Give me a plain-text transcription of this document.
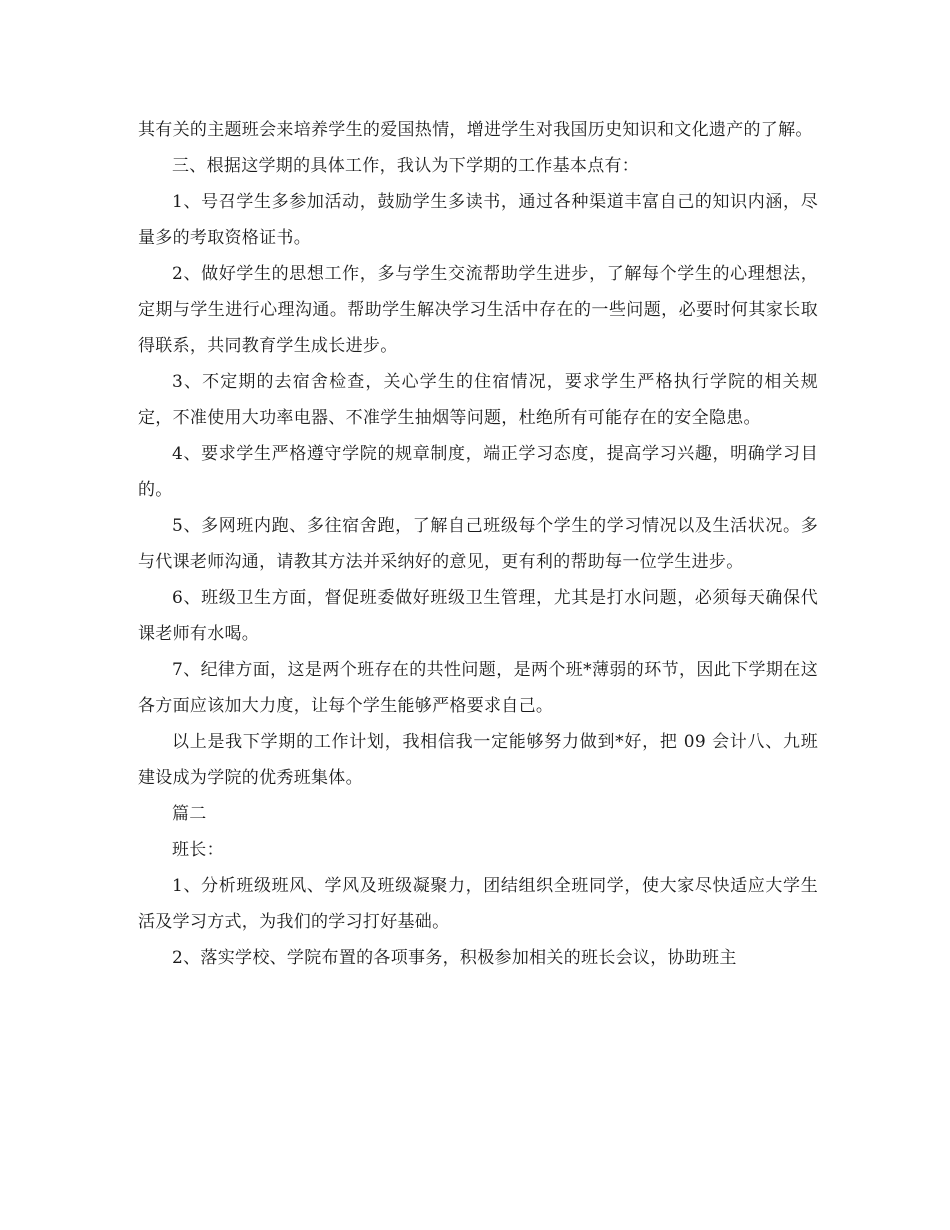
其有关的主题班会来培养学生的爱国热情，增进学生对我国历史知识和文化遗产的了解。

三、根据这学期的具体工作，我认为下学期的工作基本点有：

1、号召学生多参加活动，鼓励学生多读书，通过各种渠道丰富自己的知识内涵，尽量多的考取资格证书。

2、做好学生的思想工作，多与学生交流帮助学生进步，了解每个学生的心理想法，定期与学生进行心理沟通。帮助学生解决学习生活中存在的一些问题，必要时何其家长取得联系，共同教育学生成长进步。

3、不定期的去宿舍检查，关心学生的住宿情况，要求学生严格执行学院的相关规定，不准使用大功率电器、不准学生抽烟等问题，杜绝所有可能存在的安全隐患。

4、要求学生严格遵守学院的规章制度，端正学习态度，提高学习兴趣，明确学习目的。

5、多网班内跑、多往宿舍跑，了解自己班级每个学生的学习情况以及生活状况。多与代课老师沟通，请教其方法并采纳好的意见，更有利的帮助每一位学生进步。

6、班级卫生方面，督促班委做好班级卫生管理，尤其是打水问题，必须每天确保代课老师有水喝。

7、纪律方面，这是两个班存在的共性问题，是两个班*薄弱的环节，因此下学期在这各方面应该加大力度，让每个学生能够严格要求自己。

以上是我下学期的工作计划，我相信我一定能够努力做到*好，把 09 会计八、九班建设成为学院的优秀班集体。

篇二

班长：

1、分析班级班风、学风及班级凝聚力，团结组织全班同学，使大家尽快适应大学生活及学习方式，为我们的学习打好基础。

2、落实学校、学院布置的各项事务，积极参加相关的班长会议，协助班主
